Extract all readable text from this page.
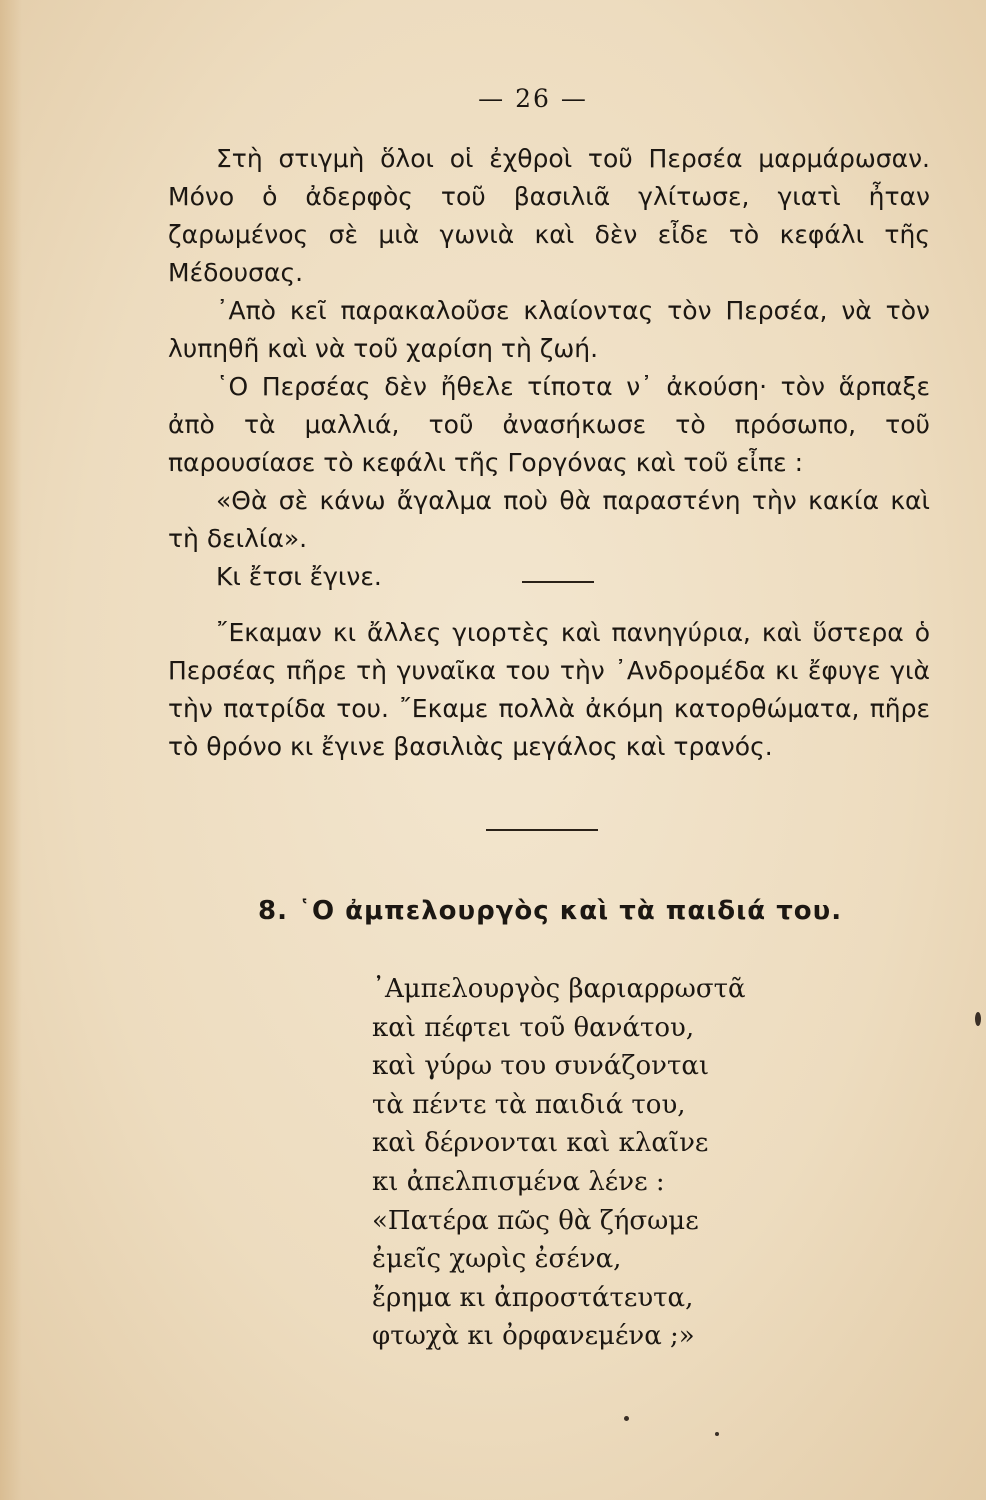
— 26 —

Στὴ στιγμὴ ὅλοι οἱ ἐχθροὶ τοῦ Περσέα μαρμάρωσαν. Μόνο ὁ ἀδερφὸς τοῦ βασιλιᾶ γλίτωσε, γιατὶ ἦταν ζαρωμένος σὲ μιὰ γωνιὰ καὶ δὲν εἶδε τὸ κεφάλι τῆς Μέδουσας.

᾿Απὸ κεῖ παρακαλοῦσε κλαίοντας τὸν Περσέα, νὰ τὸν λυπηθῆ καὶ νὰ τοῦ χαρίση τὴ ζωή.

῾Ο Περσέας δὲν ἤθελε τίποτα ν᾿ ἀκούση· τὸν ἅρπαξε ἀπὸ τὰ μαλλιά, τοῦ ἀνασήκωσε τὸ πρόσωπο, τοῦ παρουσίασε τὸ κεφάλι τῆς Γοργόνας καὶ τοῦ εἶπε :

«Θὰ σὲ κάνω ἄγαλμα ποὺ θὰ παραστένη τὴν κακία καὶ τὴ δειλία».

Κι ἔτσι ἔγινε.

῎Εκαμαν κι ἄλλες γιορτὲς καὶ πανηγύρια, καὶ ὕστερα ὁ Περσέας πῆρε τὴ γυναῖκα του τὴν ᾿Ανδρομέδα κι ἔφυγε γιὰ τὴν πατρίδα του. ῎Εκαμε πολλὰ ἀκόμη κατορθώματα, πῆρε τὸ θρόνο κι ἔγινε βασιλιὰς μεγάλος καὶ τρανός.

8. ῾Ο ἀμπελουργὸς καὶ τὰ παιδιά του.
᾿Αμπελουργὸς βαριαρρωστᾶ
καὶ πέφτει τοῦ θανάτου,
καὶ γύρω του συνάζονται
τὰ πέντε τὰ παιδιά του,
καὶ δέρνονται καὶ κλαῖνε
κι ἀπελπισμένα λένε :
«Πατέρα πῶς θὰ ζήσωμε
ἐμεῖς χωρὶς ἐσένα,
ἔρημα κι ἀπροστάτευτα,
φτωχὰ κι ὀρφανεμένα ;»
